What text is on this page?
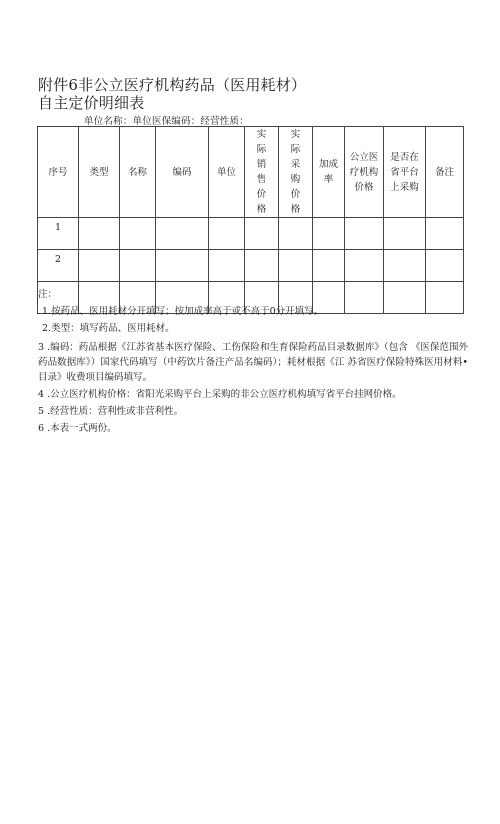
附件6非公立医疗机构药品（医用耗材）
自主定价明细表
单位名称：单位医保编码：经营性质：
序号	类型	名称	编码	单位	实际销售价格	实际采购价格	加成率	公立医疗机构价格	是否在省平台上采购	备注
1										
2										

注：

1.按药品、医用耗材分开填写；按加成率高于或不高于0分开填写。

2.类型：填写药品、医用耗材。

3 .编码：药品根据《江苏省基本医疗保险、工伤保险和生育保险药品目录数据库》（包含 《医保范围外药品数据库》）国家代码填写（中药饮片备注产品名编码）；耗材根据《江 苏省医疗保险特殊医用材料•目录》收费项目编码填写。

4 .公立医疗机构价格：省阳光采购平台上采购的非公立医疗机构填写省平台挂网价格。

5 .经营性质：营利性或非营利性。

6 .本表一式两份。
